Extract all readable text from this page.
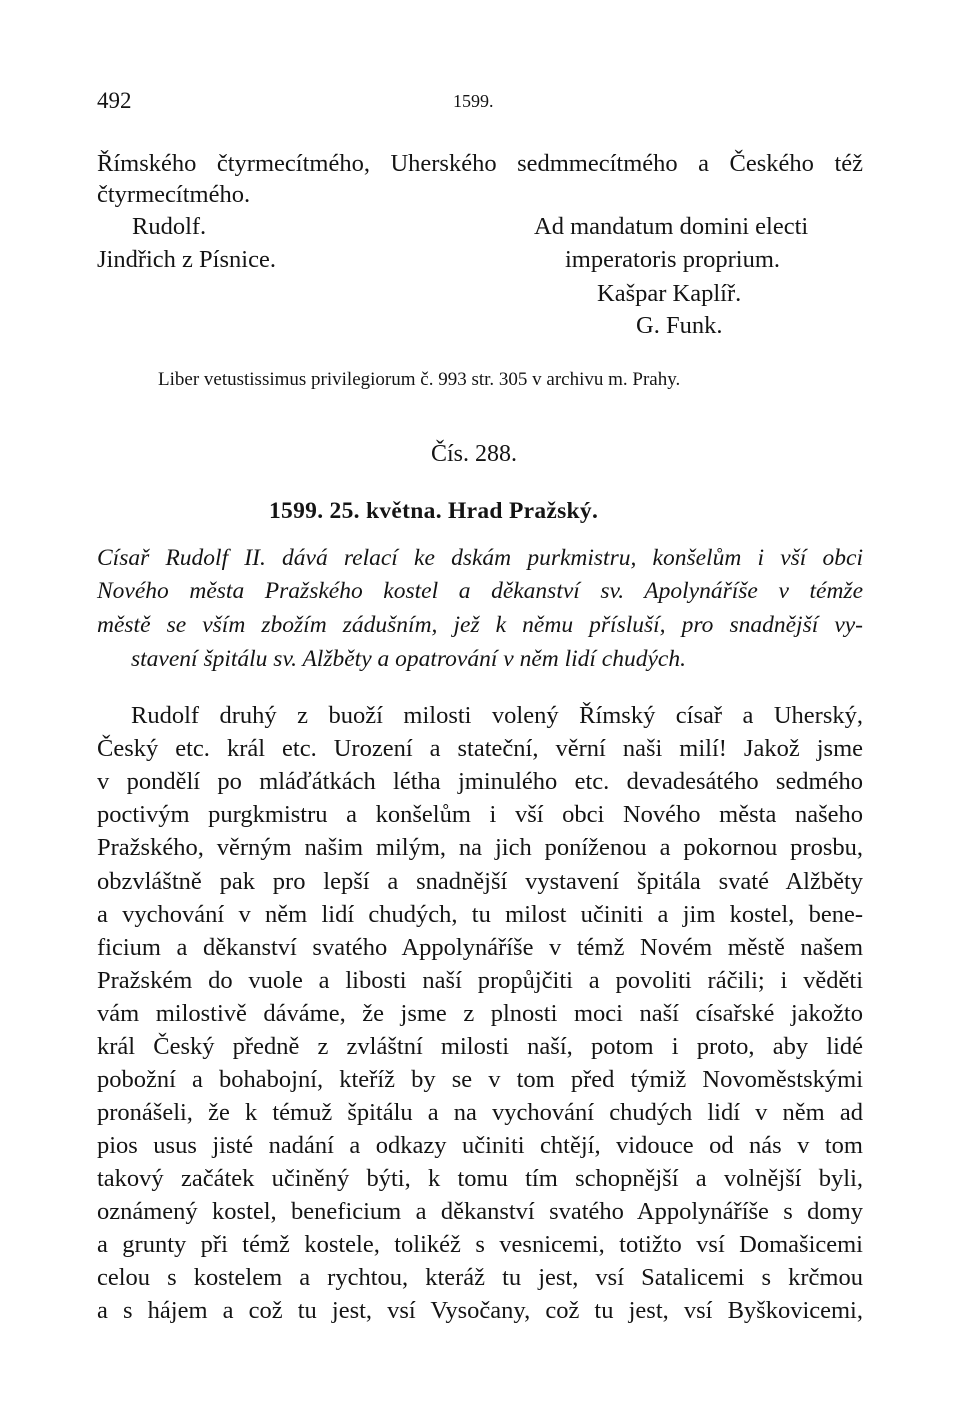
492	1599.
Římského čtyrmecítmého, Uherského sedmmecítmého a Českého též
čtyrmecítmého.
Rudolf.
Jindřich z Písnice.
Ad mandatum domini electi
imperatoris proprium.
Kašpar Kaplíř.
G. Funk.
Liber vetustissimus privilegiorum č. 993 str. 305 v archivu m. Prahy.
Čís. 288.
1599. 25. května. Hrad Pražský.
Císař Rudolf II. dává relací ke dskám purkmistru, konšelům i vší obci
Nového města Pražského kostel a děkanství sv. Apolynáříše v témže
městě se vším zbožím zádušním, jež k němu přísluší, pro snadnější vy-
stavení špitálu sv. Alžběty a opatrování v něm lidí chudých.
Rudolf druhý z buoží milosti volený Římský císař a Uherský,
Český etc. král etc. Urození a stateční, věrní naši milí! Jakož jsme
v pondělí po mláďátkách létha jminulého etc. devadesátého sedmého
poctivým purgkmistru a konšelům i vší obci Nového města našeho
Pražského, věrným našim milým, na jich poníženou a pokornou prosbu,
obzvláštně pak pro lepší a snadnější vystavení špitála svaté Alžběty
a vychování v něm lidí chudých, tu milost učiniti a jim kostel, bene-
ficium a děkanství svatého Appolynáříše v témž Novém městě našem
Pražském do vuole a libosti naší propůjčiti a povoliti ráčili; i věděti
vám milostivě dáváme, že jsme z plnosti moci naší císařské jakožto
král Český předně z zvláštní milosti naší, potom i proto, aby lidé
pobožní a bohabojní, kteříž by se v tom před týmiž Novoměstskými
pronášeli, že k témuž špitálu a na vychování chudých lidí v něm ad
pios usus jisté nadání a odkazy učiniti chtějí, vidouce od nás v tom
takový začátek učiněný býti, k tomu tím schopnější a volnější byli,
oznámený kostel, beneficium a děkanství svatého Appolynáříše s domy
a grunty při témž kostele, tolikéž s vesnicemi, totižto vsí Domašicemi
celou s kostelem a rychtou, kteráž tu jest, vsí Satalicemi s krčmou
a s hájem a což tu jest, vsí Vysočany, což tu jest, vsí Byškovicemi,
